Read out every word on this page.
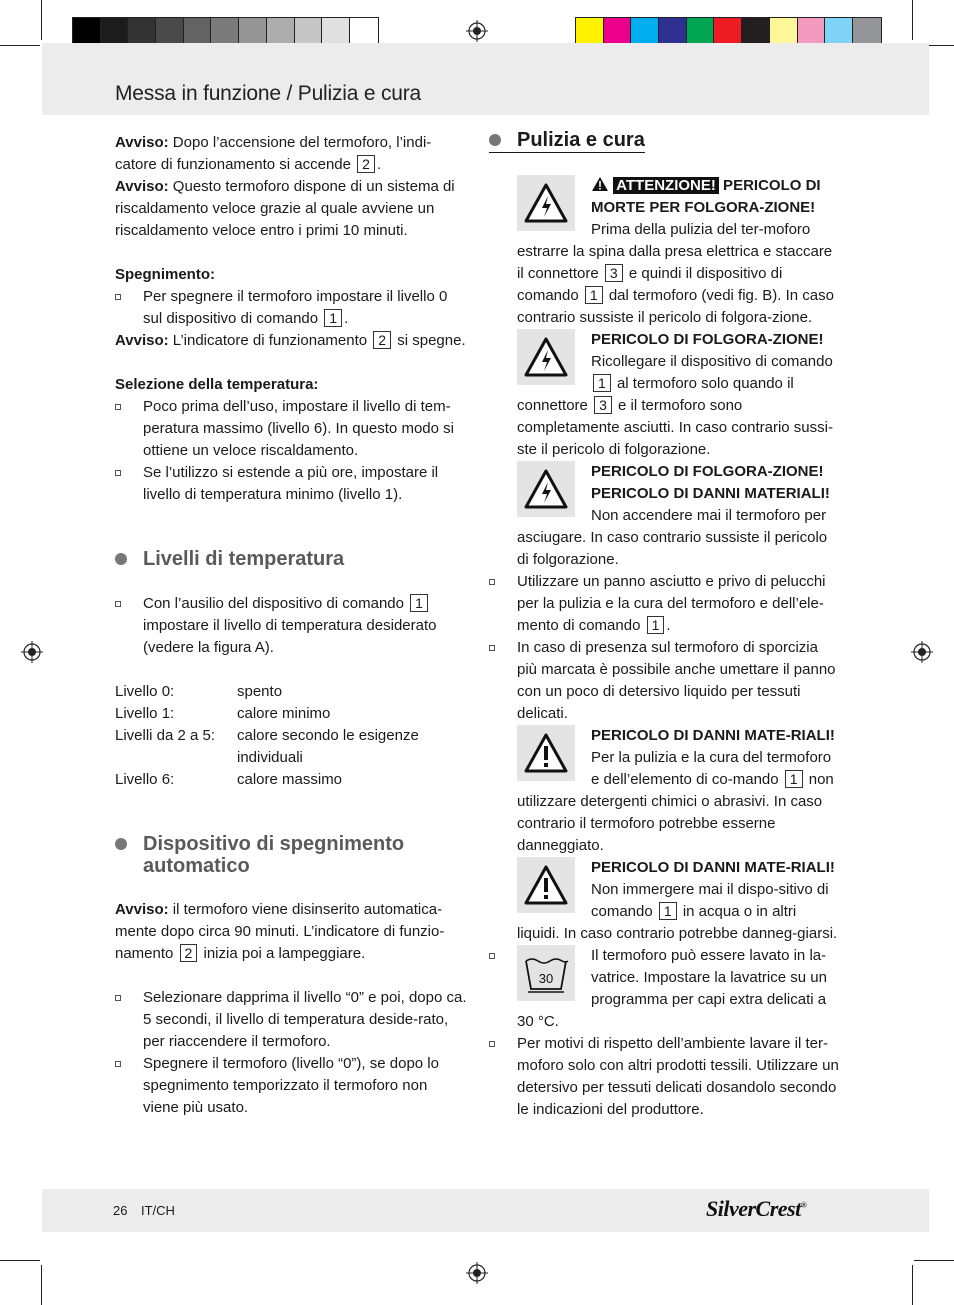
Messa in funzione / Pulizia e cura

Avviso: Dopo l’accensione del termoforo, l’indi-catore di funzionamento si accende 2 .

Avviso: Questo termoforo dispone di un sistema di riscaldamento veloce grazie al quale avviene un riscaldamento veloce entro i primi 10 minuti.

Spegnimento:

Per spegnere il termoforo impostare il livello 0 sul dispositivo di comando 1 .

Avviso: L’indicatore di funzionamento 2 si spegne.

Selezione della temperatura:

Poco prima dell’uso, impostare il livello di tem-peratura massimo (livello 6). In questo modo si ottiene un veloce riscaldamento.

Se l’utilizzo si estende a più ore, impostare il livello di temperatura minimo (livello 1).

Livelli di temperatura

Con l’ausilio del dispositivo di comando 1 impostare il livello di temperatura desiderato (vedere la figura A).

Livello 0:	spento
Livello 1:	calore minimo
Livelli da 2 a 5:	calore secondo le esigenze individuali
Livello 6:	calore massimo

Dispositivo di spegnimento automatico

Avviso: il termoforo viene disinserito automatica-mente dopo circa 90 minuti. L’indicatore di funzio-namento 2 inizia poi a lampeggiare.

Selezionare dapprima il livello “0” e poi, dopo ca. 5 secondi, il livello di temperatura deside-rato, per riaccendere il termoforo.

Spegnere il termoforo (livello “0”), se dopo lo spegnimento temporizzato il termoforo non viene più usato.

Pulizia e cura

ATTENZIONE! PERICOLO DI MORTE PER FOLGORA-ZIONE! Prima della pulizia del ter-moforo estrarre la spina dalla presa elettrica e staccare il connettore 3 e quindi il dispositivo di comando 1 dal termoforo (vedi fig. B). In caso contrario sussiste il pericolo di folgora-zione.

PERICOLO DI FOLGORA-ZIONE! Ricollegare il dispositivo di comando 1 al termoforo solo quando il connettore 3 e il termoforo sono completamente asciutti. In caso contrario sussi-ste il pericolo di folgorazione.

PERICOLO DI FOLGORA-ZIONE! PERICOLO DI DANNI MATERIALI! Non accendere mai il termoforo per asciugare. In caso contrario sussiste il pericolo di folgorazione.

Utilizzare un panno asciutto e privo di pelucchi per la pulizia e la cura del termoforo e dell’ele-mento di comando 1 .

In caso di presenza sul termoforo di sporcizia più marcata è possibile anche umettare il panno con un poco di detersivo liquido per tessuti delicati.

PERICOLO DI DANNI MATE-RIALI! Per la pulizia e la cura del termoforo e dell’elemento di co-mando 1 non utilizzare detergenti chimici o abrasivi. In caso contrario il termoforo potrebbe esserne danneggiato.

PERICOLO DI DANNI MATE-RIALI! Non immergere mai il dispo-sitivo di comando 1 in acqua o in altri liquidi. In caso contrario potrebbe danneg-giarsi.

30

Il termoforo può essere lavato in la-vatrice. Impostare la lavatrice su un programma per capi extra delicati a 30 °C.

Per motivi di rispetto dell’ambiente lavare il ter-moforo solo con altri prodotti tessili. Utilizzare un detersivo per tessuti delicati dosandolo secondo le indicazioni del produttore.

26 IT/CH	SilverCrest®
